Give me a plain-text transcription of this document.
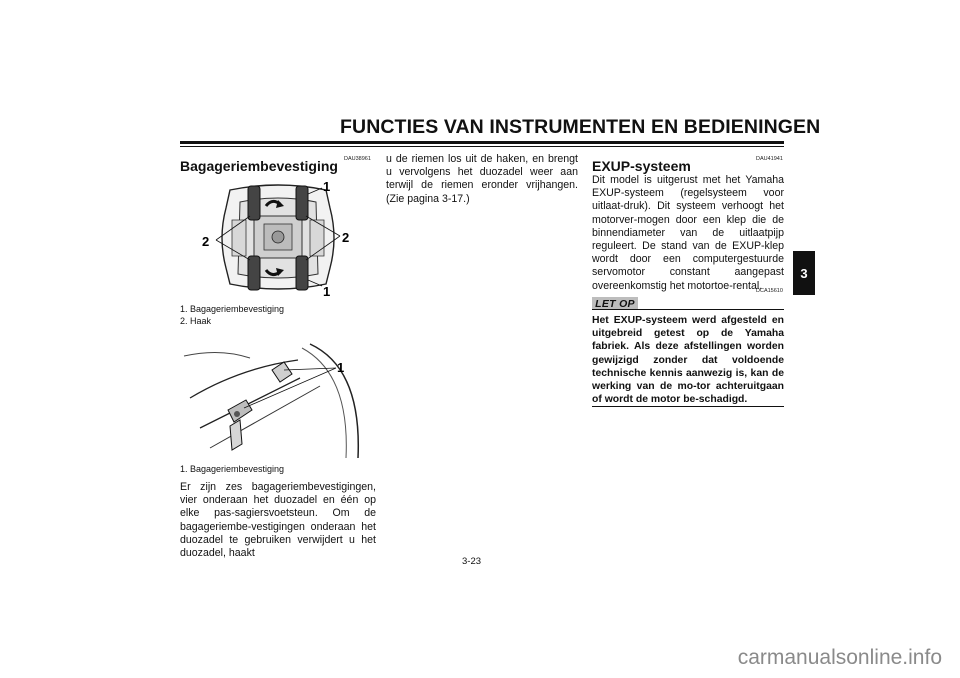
FUNCTIES VAN INSTRUMENTEN EN BEDIENINGEN
3
DAU38961
Bagageriembevestiging
1
2	2
1
1. Bagageriembevestiging
2. Haak
1
1. Bagageriembevestiging

Er zijn zes bagageriembevestigingen, vier onderaan het duozadel en één op elke pas-sagiersvoetsteun. Om de bagageriembe-vestigingen onderaan het duozadel te gebruiken verwijdert u het duozadel, haakt

u de riemen los uit de haken, en brengt u vervolgens het duozadel weer aan terwijl de riemen eronder vrijhangen. (Zie pagina 3-17.)

DAU41941
EXUP-systeem

Dit model is uitgerust met het Yamaha EXUP-systeem (regelsysteem voor uitlaat-druk). Dit systeem verhoogt het motorver-mogen door een klep die de binnendiameter van de uitlaatpijp reguleert. De stand van de EXUP-klep wordt door een computergestuurde servomotor constant aangepast overeenkomstig het motortoe-rental.

LET OP
DCA15610
Het EXUP-systeem werd afgesteld en uitgebreid getest op de Yamaha fabriek. Als deze afstellingen worden gewijzigd zonder dat voldoende technische kennis aanwezig is, kan de werking van de mo-tor achteruitgaan of wordt de motor be-schadigd.
3-23
carmanualsonline.info
